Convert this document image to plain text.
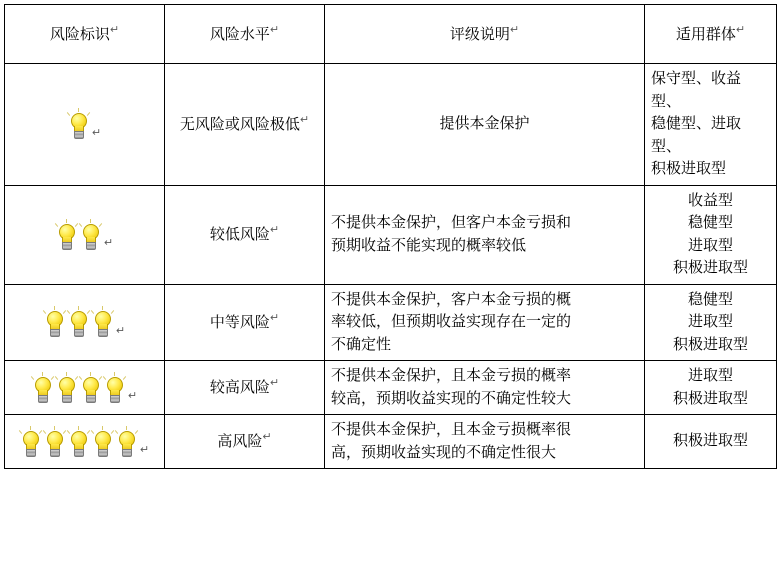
风险标识↵	风险水平↵	评级说明↵	适用群体↵

↵	无风险或风险极低↵	提供本金保护	保守型、收益型、
稳健型、进取型、
积极进取型

↵	较低风险↵	不提供本金保护，但客户本金亏损和
预期收益不能实现的概率较低	收益型
稳健型
进取型
积极进取型

↵	中等风险↵	不提供本金保护，客户本金亏损的概
率较低，但预期收益实现存在一定的
不确定性	稳健型
进取型
积极进取型

↵	较高风险↵	不提供本金保护，且本金亏损的概率
较高，预期收益实现的不确定性较大	进取型
积极进取型

↵	高风险↵	不提供本金保护，且本金亏损概率很
高，预期收益实现的不确定性很大	积极进取型
